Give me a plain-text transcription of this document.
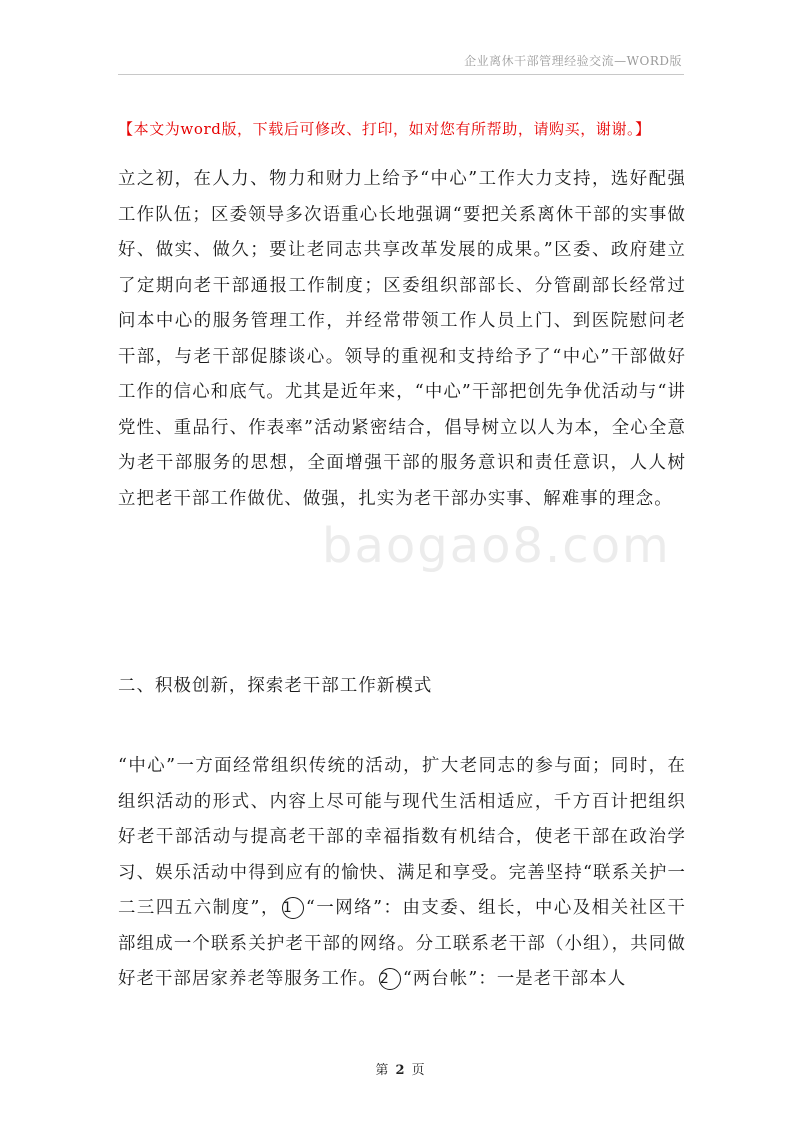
企业离休干部管理经验交流—WORD版
【本文为word版，下载后可修改、打印，如对您有所帮助，请购买，谢谢。】
baogao8.com

立之初，在人力、物力和财力上给予“中心”工作大力支持，选好配强工作队伍；区委领导多次语重心长地强调“要把关系离休干部的实事做好、做实、做久；要让老同志共享改革发展的成果。”区委、政府建立了定期向老干部通报工作制度；区委组织部部长、分管副部长经常过问本中心的服务管理工作，并经常带领工作人员上门、到医院慰问老干部，与老干部促膝谈心。领导的重视和支持给予了“中心”干部做好工作的信心和底气。尤其是近年来，“中心”干部把创先争优活动与“讲党性、重品行、作表率”活动紧密结合，倡导树立以人为本，全心全意为老干部服务的思想，全面增强干部的服务意识和责任意识，人人树立把老干部工作做优、做强，扎实为老干部办实事、解难事的理念。

二、积极创新，探索老干部工作新模式

“中心”一方面经常组织传统的活动，扩大老同志的参与面；同时，在组织活动的形式、内容上尽可能与现代生活相适应，千方百计把组织好老干部活动与提高老干部的幸福指数有机结合，使老干部在政治学习、娱乐活动中得到应有的愉快、满足和享受。完善坚持“联系关护一二三四五六制度”， 1 “一网络”：由支委、组长，中心及相关社区干部组成一个联系关护老干部的网络。分工联系老干部（小组），共同做好老干部居家养老等服务工作。 2 “两台帐”：一是老干部本人

第 2 页
